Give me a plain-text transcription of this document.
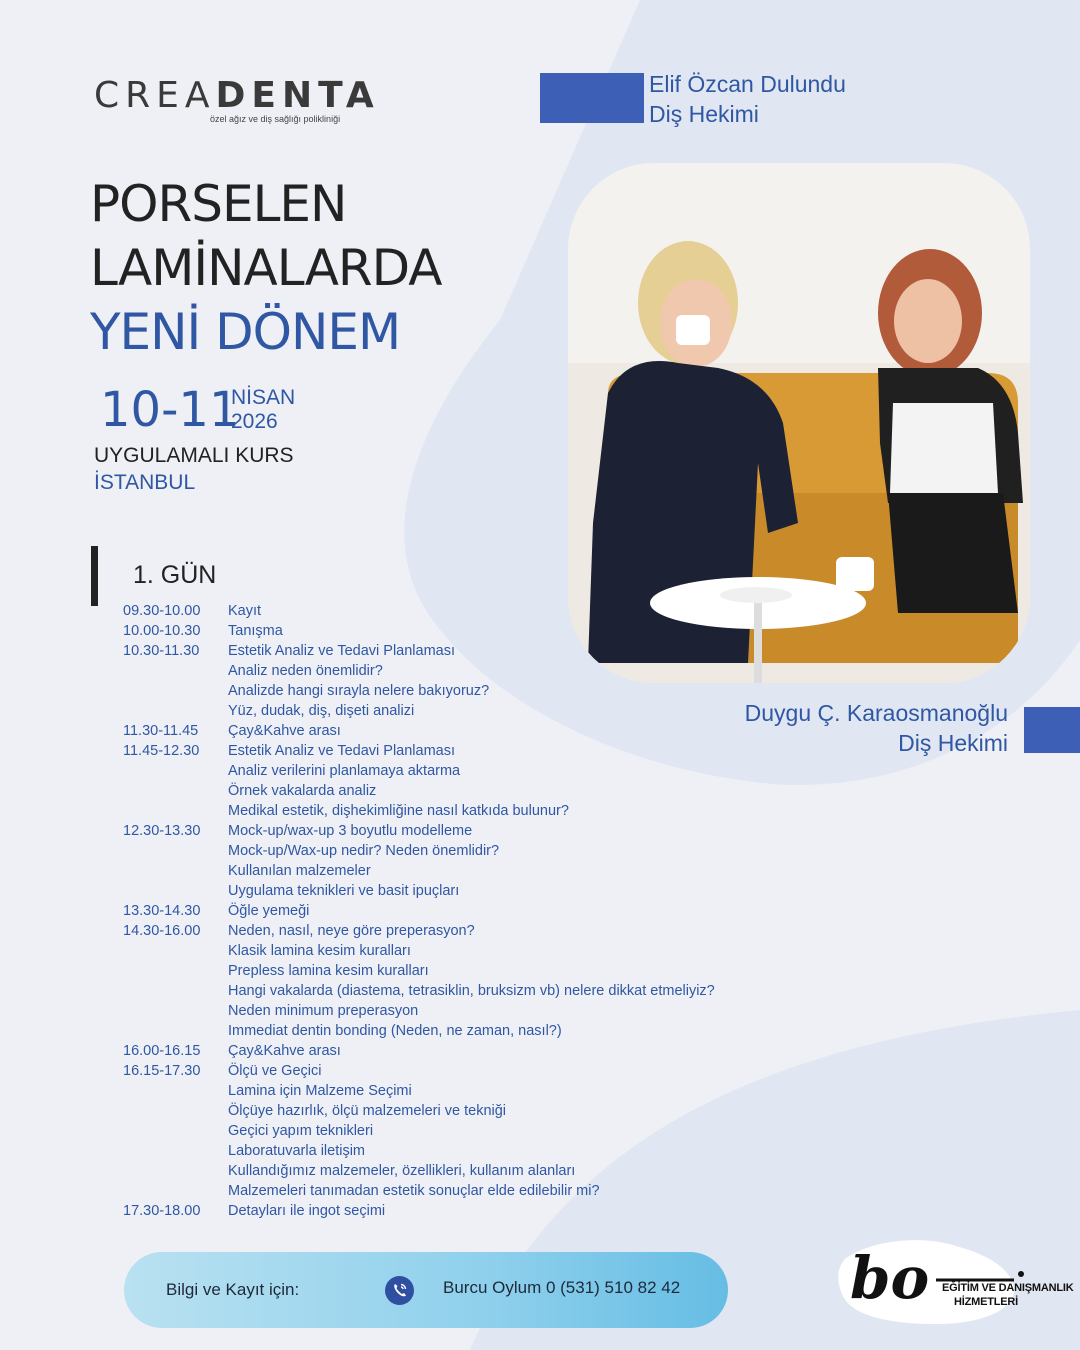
CREADENTA
özel ağız ve diş sağlığı polikliniği
PORSELEN
LAMİNALARDA
YENİ DÖNEM
10-11
NİSAN
2026
UYGULAMALI KURS
İSTANBUL
Elif Özcan Dulundu
Diş Hekimi
Duygu Ç. Karaosmanoğlu
Diş Hekimi
1. GÜN
09.30-10.00	Kayıt
10.00-10.30	Tanışma
10.30-11.30	Estetik Analiz ve Tedavi Planlaması
Analiz neden önemlidir?
Analizde hangi sırayla nelere bakıyoruz?
Yüz, dudak, diş, dişeti analizi
11.30-11.45	Çay&Kahve arası
11.45-12.30	Estetik Analiz ve Tedavi Planlaması
Analiz verilerini planlamaya aktarma
Örnek vakalarda analiz
Medikal estetik, dişhekimliğine nasıl katkıda bulunur?
12.30-13.30	Mock-up/wax-up 3 boyutlu modelleme
Mock-up/Wax-up nedir? Neden önemlidir?
Kullanılan malzemeler
Uygulama teknikleri ve basit ipuçları
13.30-14.30	Öğle yemeği
14.30-16.00	Neden, nasıl, neye göre preperasyon?
Klasik lamina kesim kuralları
Prepless lamina kesim kuralları
Hangi vakalarda (diastema, tetrasiklin, bruksizm vb) nelere dikkat etmeliyiz?
Neden minimum preperasyon
Immediat dentin bonding (Neden, ne zaman, nasıl?)
16.00-16.15	Çay&Kahve arası
16.15-17.30	Ölçü ve Geçici
Lamina için Malzeme Seçimi
Ölçüye hazırlık, ölçü malzemeleri ve tekniği
Geçici yapım teknikleri
Laboratuvarla iletişim
Kullandığımız malzemeler, özellikleri, kullanım alanları
Malzemeleri tanımadan estetik sonuçlar elde edilebilir mi?
17.30-18.00	Detayları ile ingot seçimi
Bilgi ve Kayıt için:	Burcu Oylum 0 (531) 510 82 42	bo EĞİTİM VE DANIŞMANLIK
HİZMETLERİ
